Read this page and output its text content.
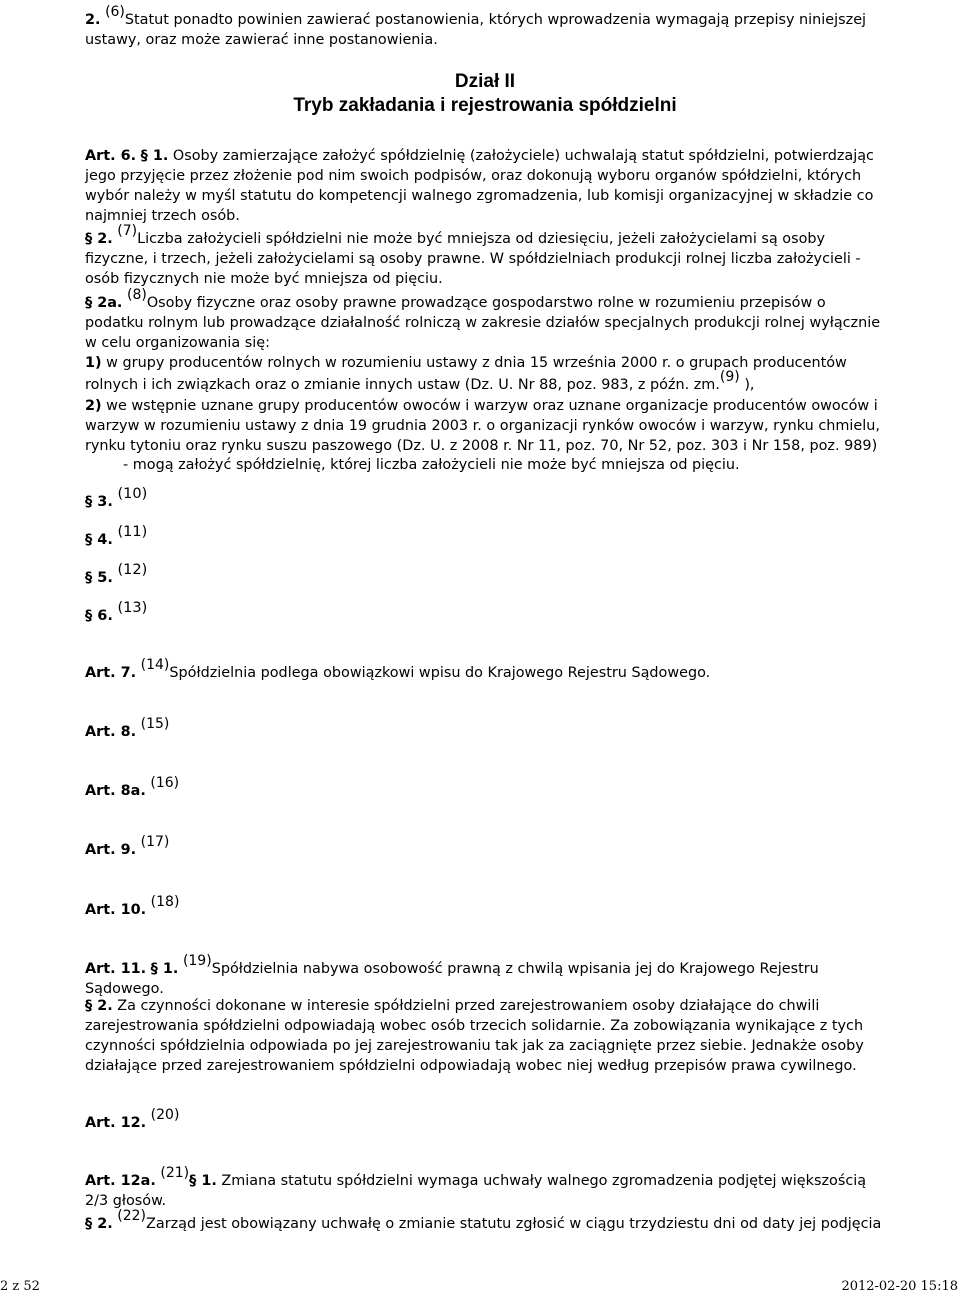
2. $^{(6)}$Statut ponadto powinien zawierać postanowienia, których wprowadzenia wymagają przepisy niniejszej ustawy, oraz może zawierać inne postanowienia.

Dział II
Tryb zakładania i rejestrowania spółdzielni

Art. 6. § 1. Osoby zamierzające założyć spółdzielnię (założyciele) uchwalają statut spółdzielni, potwierdzając jego przyjęcie przez złożenie pod nim swoich podpisów, oraz dokonują wyboru organów spółdzielni, których wybór należy w myśl statutu do kompetencji walnego zgromadzenia, lub komisji organizacyjnej w składzie co najmniej trzech osób.

§ 2. $^{(7)}$Liczba założycieli spółdzielni nie może być mniejsza od dziesięciu, jeżeli założycielami są osoby fizyczne, i trzech, jeżeli założycielami są osoby prawne. W spółdzielniach produkcji rolnej liczba założycieli - osób fizycznych nie może być mniejsza od pięciu.

§ 2a. $^{(8)}$Osoby fizyczne oraz osoby prawne prowadzące gospodarstwo rolne w rozumieniu przepisów o podatku rolnym lub prowadzące działalność rolniczą w zakresie działów specjalnych produkcji rolnej wyłącznie w celu organizowania się:

1) w grupy producentów rolnych w rozumieniu ustawy z dnia 15 września 2000 r. o grupach producentów rolnych i ich związkach oraz o zmianie innych ustaw (Dz. U. Nr 88, poz. 983, z późn. zm.$^{(9)}$ ),

2) we wstępnie uznane grupy producentów owoców i warzyw oraz uznane organizacje producentów owoców i warzyw w rozumieniu ustawy z dnia 19 grudnia 2003 r. o organizacji rynków owoców i warzyw, rynku chmielu, rynku tytoniu oraz rynku suszu paszowego (Dz. U. z 2008 r. Nr 11, poz. 70, Nr 52, poz. 303 i Nr 158, poz. 989)

- mogą założyć spółdzielnię, której liczba założycieli nie może być mniejsza od pięciu.

§ 3. $^{(10)}$

§ 4. $^{(11)}$

§ 5. $^{(12)}$

§ 6. $^{(13)}$

Art. 7. $^{(14)}$Spółdzielnia podlega obowiązkowi wpisu do Krajowego Rejestru Sądowego.

Art. 8. $^{(15)}$

Art. 8a. $^{(16)}$

Art. 9. $^{(17)}$

Art. 10. $^{(18)}$

Art. 11. § 1. $^{(19)}$Spółdzielnia nabywa osobowość prawną z chwilą wpisania jej do Krajowego Rejestru Sądowego.

§ 2. Za czynności dokonane w interesie spółdzielni przed zarejestrowaniem osoby działające do chwili zarejestrowania spółdzielni odpowiadają wobec osób trzecich solidarnie. Za zobowiązania wynikające z tych czynności spółdzielnia odpowiada po jej zarejestrowaniu tak jak za zaciągnięte przez siebie. Jednakże osoby działające przed zarejestrowaniem spółdzielni odpowiadają wobec niej według przepisów prawa cywilnego.

Art. 12. $^{(20)}$

Art. 12a. $^{(21)}$§ 1. Zmiana statutu spółdzielni wymaga uchwały walnego zgromadzenia podjętej większością 2/3 głosów.

§ 2. $^{(22)}$Zarząd jest obowiązany uchwałę o zmianie statutu zgłosić w ciągu trzydziestu dni od daty jej podjęcia

2 z 52	2012-02-20 15:18
